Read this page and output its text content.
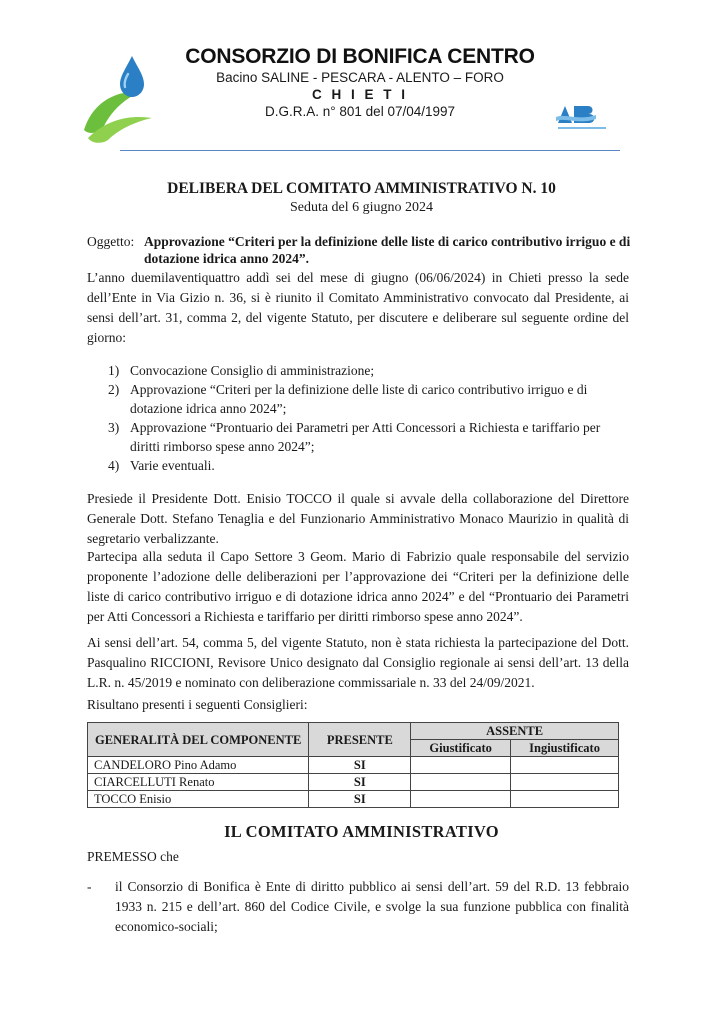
CONSORZIO DI BONIFICA CENTRO
Bacino SALINE - PESCARA - ALENTO – FORO
C H I E T I
D.G.R.A. n° 801 del 07/04/1997
DELIBERA DEL COMITATO AMMINISTRATIVO N. 10
Seduta del 6 giugno 2024
Oggetto: Approvazione “Criteri per la definizione delle liste di carico contributivo irriguo e di dotazione idrica anno 2024”.
L’anno duemilaventiquattro addì sei del mese di giugno (06/06/2024) in Chieti presso la sede dell’Ente in Via Gizio n. 36, si è riunito il Comitato Amministrativo convocato dal Presidente, ai sensi dell’art. 31, comma 2, del vigente Statuto, per discutere e deliberare sul seguente ordine del giorno:
1) Convocazione Consiglio di amministrazione;
2) Approvazione “Criteri per la definizione delle liste di carico contributivo irriguo e di dotazione idrica anno 2024”;
3) Approvazione “Prontuario dei Parametri per Atti Concessori a Richiesta e tariffario per diritti rimborso spese anno 2024”;
4) Varie eventuali.
Presiede il Presidente Dott. Enisio TOCCO il quale si avvale della collaborazione del Direttore Generale Dott. Stefano Tenaglia e del Funzionario Amministrativo Monaco Maurizio in qualità di segretario verbalizzante.
Partecipa alla seduta il Capo Settore 3 Geom. Mario di Fabrizio quale responsabile del servizio proponente l’adozione delle deliberazioni per l’approvazione dei “Criteri per la definizione delle liste di carico contributivo irriguo e di dotazione idrica anno 2024” e del “Prontuario dei Parametri per Atti Concessori a Richiesta e tariffario per diritti rimborso spese anno 2024”.
Ai sensi dell’art. 54, comma 5, del vigente Statuto, non è stata richiesta la partecipazione del Dott. Pasqualino RICCIONI, Revisore Unico designato dal Consiglio regionale ai sensi dell’art. 13 della L.R. n. 45/2019 e nominato con deliberazione commissariale n. 33 del 24/09/2021.
Risultano presenti i seguenti Consiglieri:
GENERALITÀ DEL COMPONENTE	PRESENTE	ASSENTE	
		Giustificato	Ingiustificato
CANDELORO Pino Adamo	SI		
CIARCELLUTI Renato	SI		
TOCCO Enisio	SI		
IL COMITATO AMMINISTRATIVO
PREMESSO che
- il Consorzio di Bonifica è Ente di diritto pubblico ai sensi dell’art. 59 del R.D. 13 febbraio 1933 n. 215 e dell’art. 860 del Codice Civile, e svolge la sua funzione pubblica con finalità economico-sociali;
